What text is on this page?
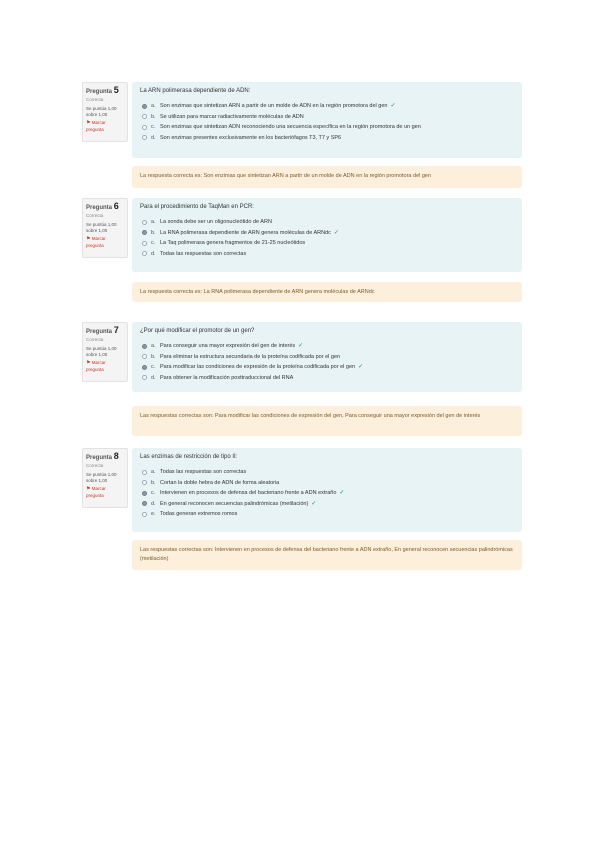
Pregunta 5
Correcta
Se puntúa 1,00 sobre 1,00
⚑ Marcar pregunta
La ARN polimerasa dependiente de ADN:
a. Son enzimas que sintetizan ARN a partir de un molde de ADN en la región promotora del gen ✓
b. Se utilizan para marcar radiactivamente moléculas de ADN
c. Son enzimas que sintetizan ADN reconociendo una secuencia específica en la región promotora de un gen
d. Son enzimas presentes exclusivamente en los bacteriófagos T3, T7 y SP6
La respuesta correcta es: Son enzimas que sintetizan ARN a partir de un molde de ADN en la región promotora del gen
Pregunta 6
Correcta
Se puntúa 1,00 sobre 1,00
⚑ Marcar pregunta
Para el procedimiento de TaqMan en PCR:
a. La sonda debe ser un oligonucleótido de ARN
b. La RNA polimerasa dependiente de ARN genera moléculas de ARNdc ✓
c. La Taq polimerasa genera fragmentos de 21-25 nucleótidos
d. Todas las respuestas son correctas
La respuesta correcta es: La RNA polimerasa dependiente de ARN genera moléculas de ARNdc
Pregunta 7
Correcta
Se puntúa 1,00 sobre 1,00
⚑ Marcar pregunta
¿Por qué modificar el promotor de un gen?
a. Para conseguir una mayor expresión del gen de interés ✓
b. Para eliminar la estructura secundaria de la proteína codificada por el gen
c. Para modificar las condiciones de expresión de la proteína codificada por el gen ✓
d. Para obtener la modificación posttraduccional del RNA
Las respuestas correctas son: Para modificar las condiciones de expresión del gen, Para conseguir una mayor expresión del gen de interés
Pregunta 8
Correcta
Se puntúa 1,00 sobre 1,00
⚑ Marcar pregunta
Las enzimas de restricción de tipo II:
a. Todas las respuestas son correctas
b. Cortan la doble hebra de ADN de forma aleatoria
c. Intervienen en procesos de defensa del bacteriano frente a ADN extraño ✓
d. En general reconocen secuencias palindrómicas (metilación) ✓
e. Todas generan extremos romos
Las respuestas correctas son: Intervienen en procesos de defensa del bacteriano frente a ADN extraño, En general reconocen secuencias palindrómicas (metilación)
